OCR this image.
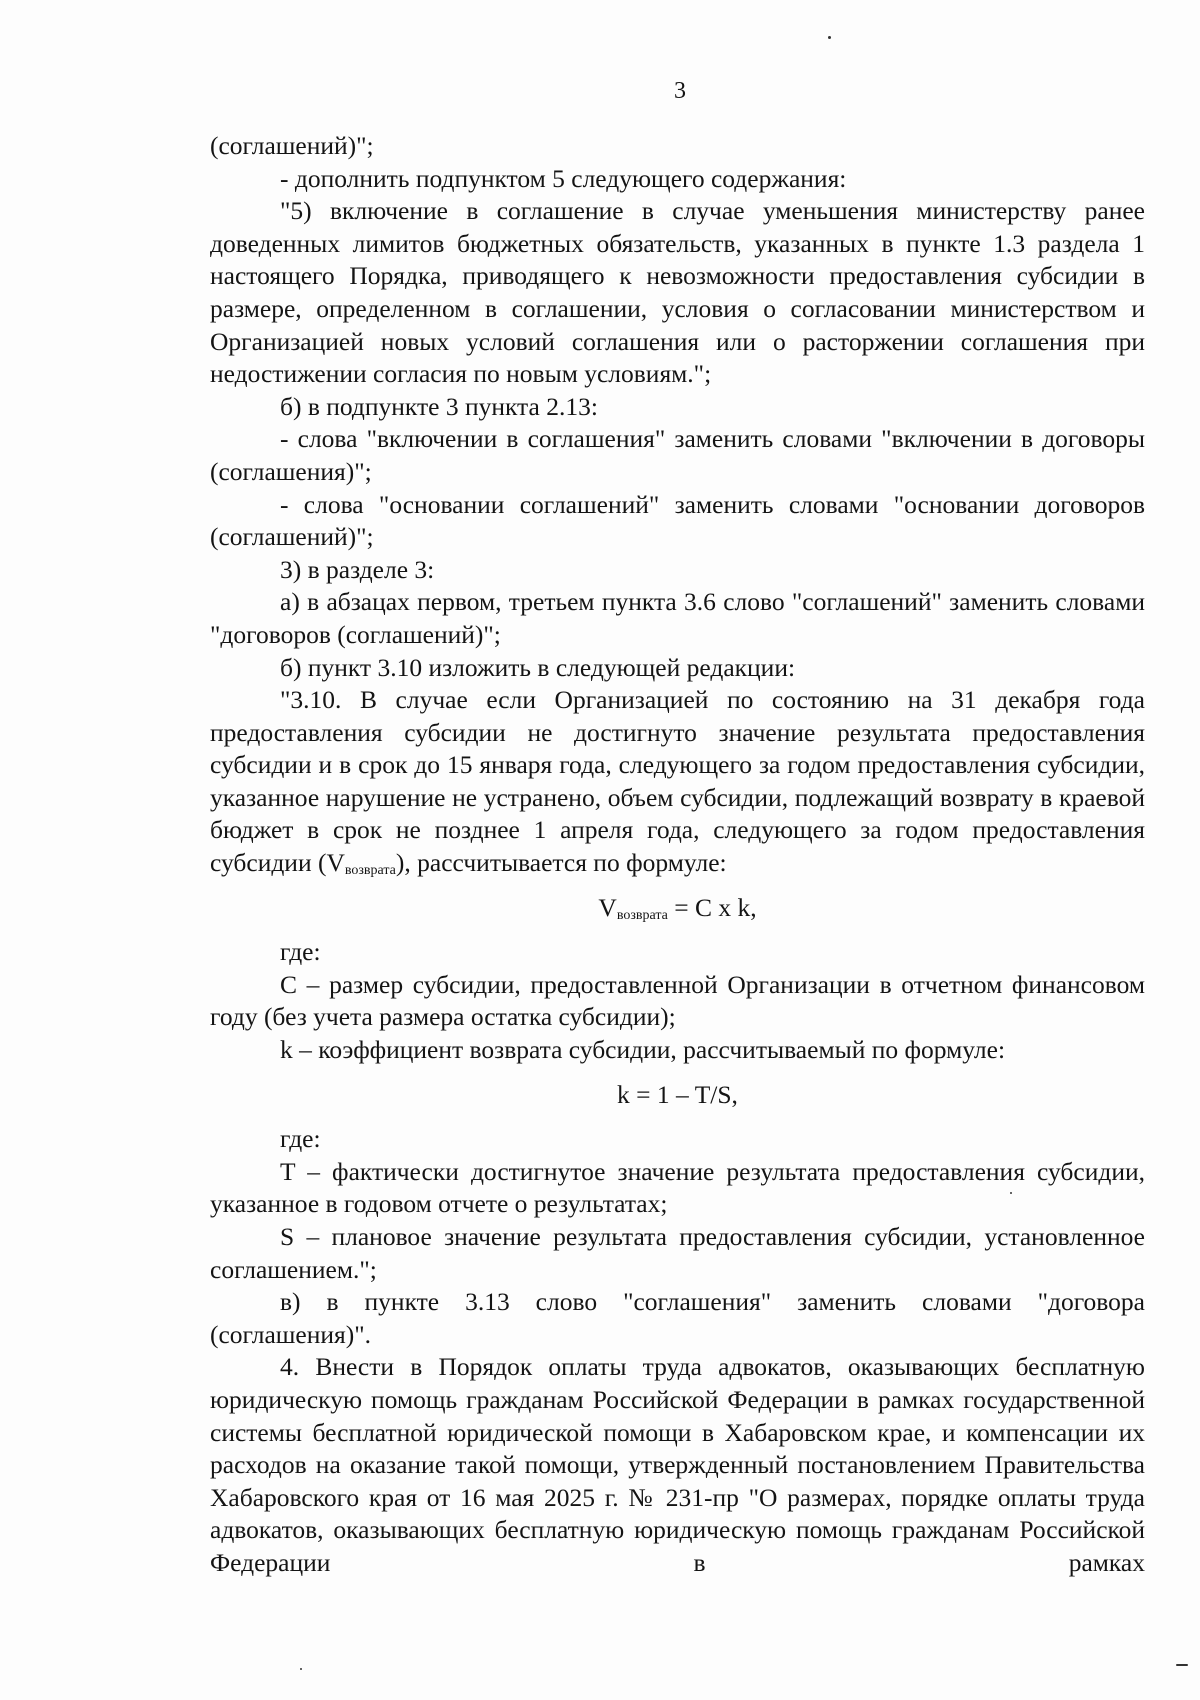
3

(соглашений)";

- дополнить подпунктом 5 следующего содержания:

"5) включение в соглашение в случае уменьшения министерству ранее доведенных лимитов бюджетных обязательств, указанных в пункте 1.3 раздела 1 настоящего Порядка, приводящего к невозможности предоставления субсидии в размере, определенном в соглашении, условия о согласовании министерством и Организацией новых условий соглашения или о расторжении соглашения при недостижении согласия по новым условиям.";

б) в подпункте 3 пункта 2.13:

- слова "включении в соглашения" заменить словами "включении в договоры (соглашения)";

- слова "основании соглашений" заменить словами "основании договоров (соглашений)";

3) в разделе 3:

а) в абзацах первом, третьем пункта 3.6 слово "соглашений" заменить словами "договоров (соглашений)";

б) пункт 3.10 изложить в следующей редакции:

"3.10. В случае если Организацией по состоянию на 31 декабря года предоставления субсидии не достигнуто значение результата предоставления субсидии и в срок до 15 января года, следующего за годом предоставления субсидии, указанное нарушение не устранено, объем субсидии, подлежащий возврату в краевой бюджет в срок не позднее 1 апреля года, следующего за годом предоставления субсидии $(V_{возврата})$, рассчитывается по формуле:

$V_{возврата} = C$ x k,

где:

C – размер субсидии, предоставленной Организации в отчетном финансовом году (без учета размера остатка субсидии);

k – коэффициент возврата субсидии, рассчитываемый по формуле:

k = 1 – T/S,

где:

T – фактически достигнутое значение результата предоставления субсидии, указанное в годовом отчете о результатах;

S – плановое значение результата предоставления субсидии, установленное соглашением.";

в) в пункте 3.13 слово "соглашения" заменить словами "договора (соглашения)".

4. Внести в Порядок оплаты труда адвокатов, оказывающих бесплатную юридическую помощь гражданам Российской Федерации в рамках государственной системы бесплатной юридической помощи в Хабаровском крае, и компенсации их расходов на оказание такой помощи, утвержденный постановлением Правительства Хабаровского края от 16 мая 2025 г. № 231-пр "О размерах, порядке оплаты труда адвокатов, оказывающих бесплатную юридическую помощь гражданам Российской Федерации в рамках
